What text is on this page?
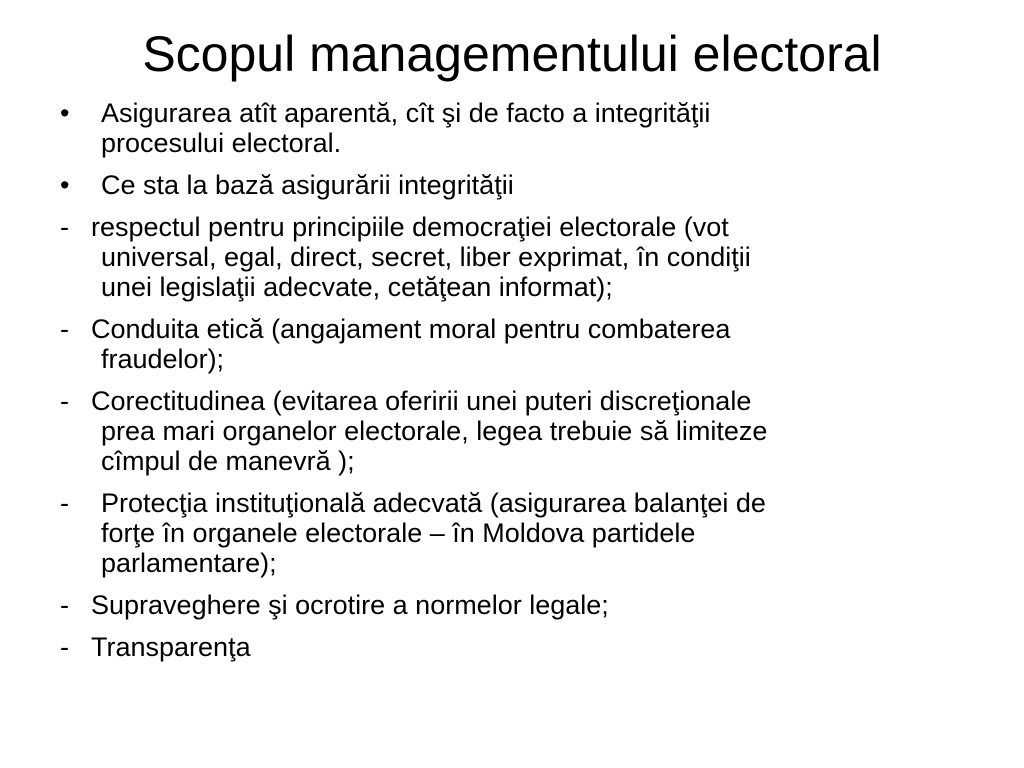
Scopul managementului electoral
• Asigurarea atît aparentă, cît şi de facto a integrităţii
procesului electoral.
• Ce sta la bază asigurării integrităţii
- respectul pentru principiile democraţiei electorale (vot
universal, egal, direct, secret, liber exprimat, în condiţii
unei legislaţii adecvate, cetăţean informat);
- Conduita etică (angajament moral pentru combaterea
fraudelor);
- Corectitudinea (evitarea oferirii unei puteri discreţionale
prea mari organelor electorale, legea trebuie să limiteze
cîmpul de manevră );
- Protecţia instituţională adecvată (asigurarea balanţei de
forţe în organele electorale – în Moldova partidele
parlamentare);
- Supraveghere şi ocrotire a normelor legale;
- Transparenţa
